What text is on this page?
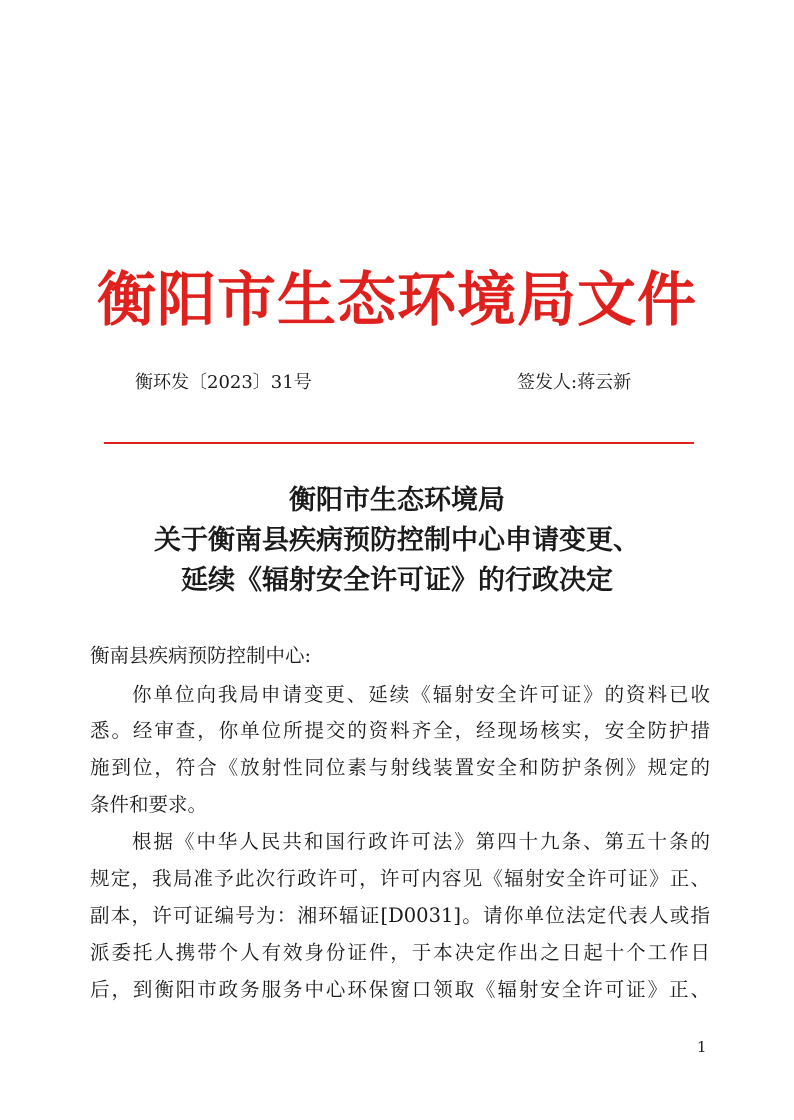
衡阳市生态环境局文件
衡环发〔2023〕31号	签发人:蒋云新
衡阳市生态环境局
关于衡南县疾病预防控制中心申请变更、
延续《辐射安全许可证》的行政决定
衡南县疾病预防控制中心:
你单位向我局申请变更、延续《辐射安全许可证》的资料已收
悉。经审查，你单位所提交的资料齐全，经现场核实，安全防护措
施到位，符合《放射性同位素与射线装置安全和防护条例》规定的
条件和要求。
根据《中华人民共和国行政许可法》第四十九条、第五十条的
规定，我局准予此次行政许可，许可内容见《辐射安全许可证》正、
副本，许可证编号为：湘环辐证[D0031]。请你单位法定代表人或指
派委托人携带个人有效身份证件，于本决定作出之日起十个工作日
后，到衡阳市政务服务中心环保窗口领取《辐射安全许可证》正、
1
